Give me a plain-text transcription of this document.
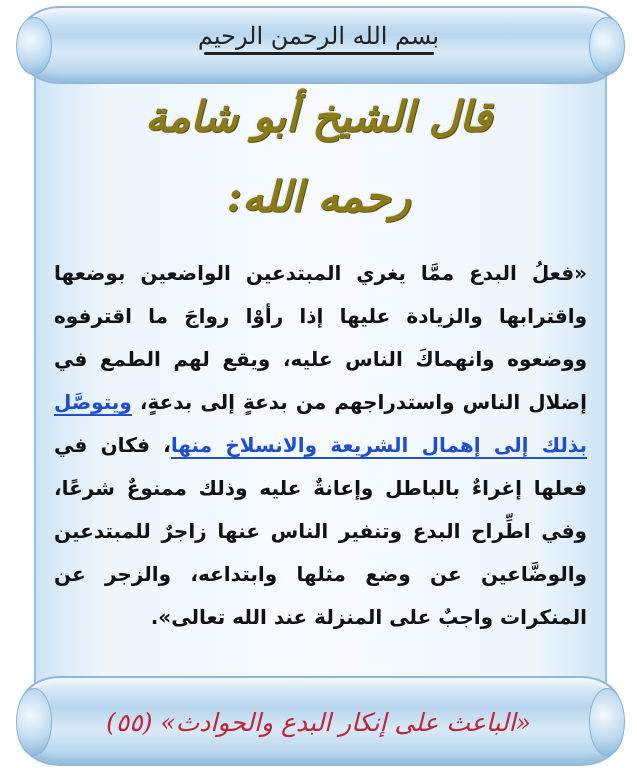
بسم الله الرحمن الرحيم
قال الشيخ أبو شامة
رحمه الله:
«فعلُ البدع ممَّا يغري المبتدعين الواضعين بوضعها واقترابها والزيادة عليها إذا رأوْا رواجَ ما اقترفوه ووضعوه وانهماكَ الناس عليه، ويقع لهم الطمع في إضلال الناس واستدراجهم من بدعةٍ إلى بدعةٍ، ويتوصَّل بذلك إلى إهمال الشريعة والانسلاخ منها، فكان في فعلها إغراءٌ بالباطل وإعانةٌ عليه وذلك ممنوعٌ شرعًا، وفي اطِّراح البدع وتنفير الناس عنها زاجرٌ للمبتدعين والوضَّاعين عن وضع مثلها وابتداعه، والزجر عن المنكرات واجبٌ على المنزلة عند الله تعالى».
«الباعث على إنكار البدع والحوادث» (٥٥)
